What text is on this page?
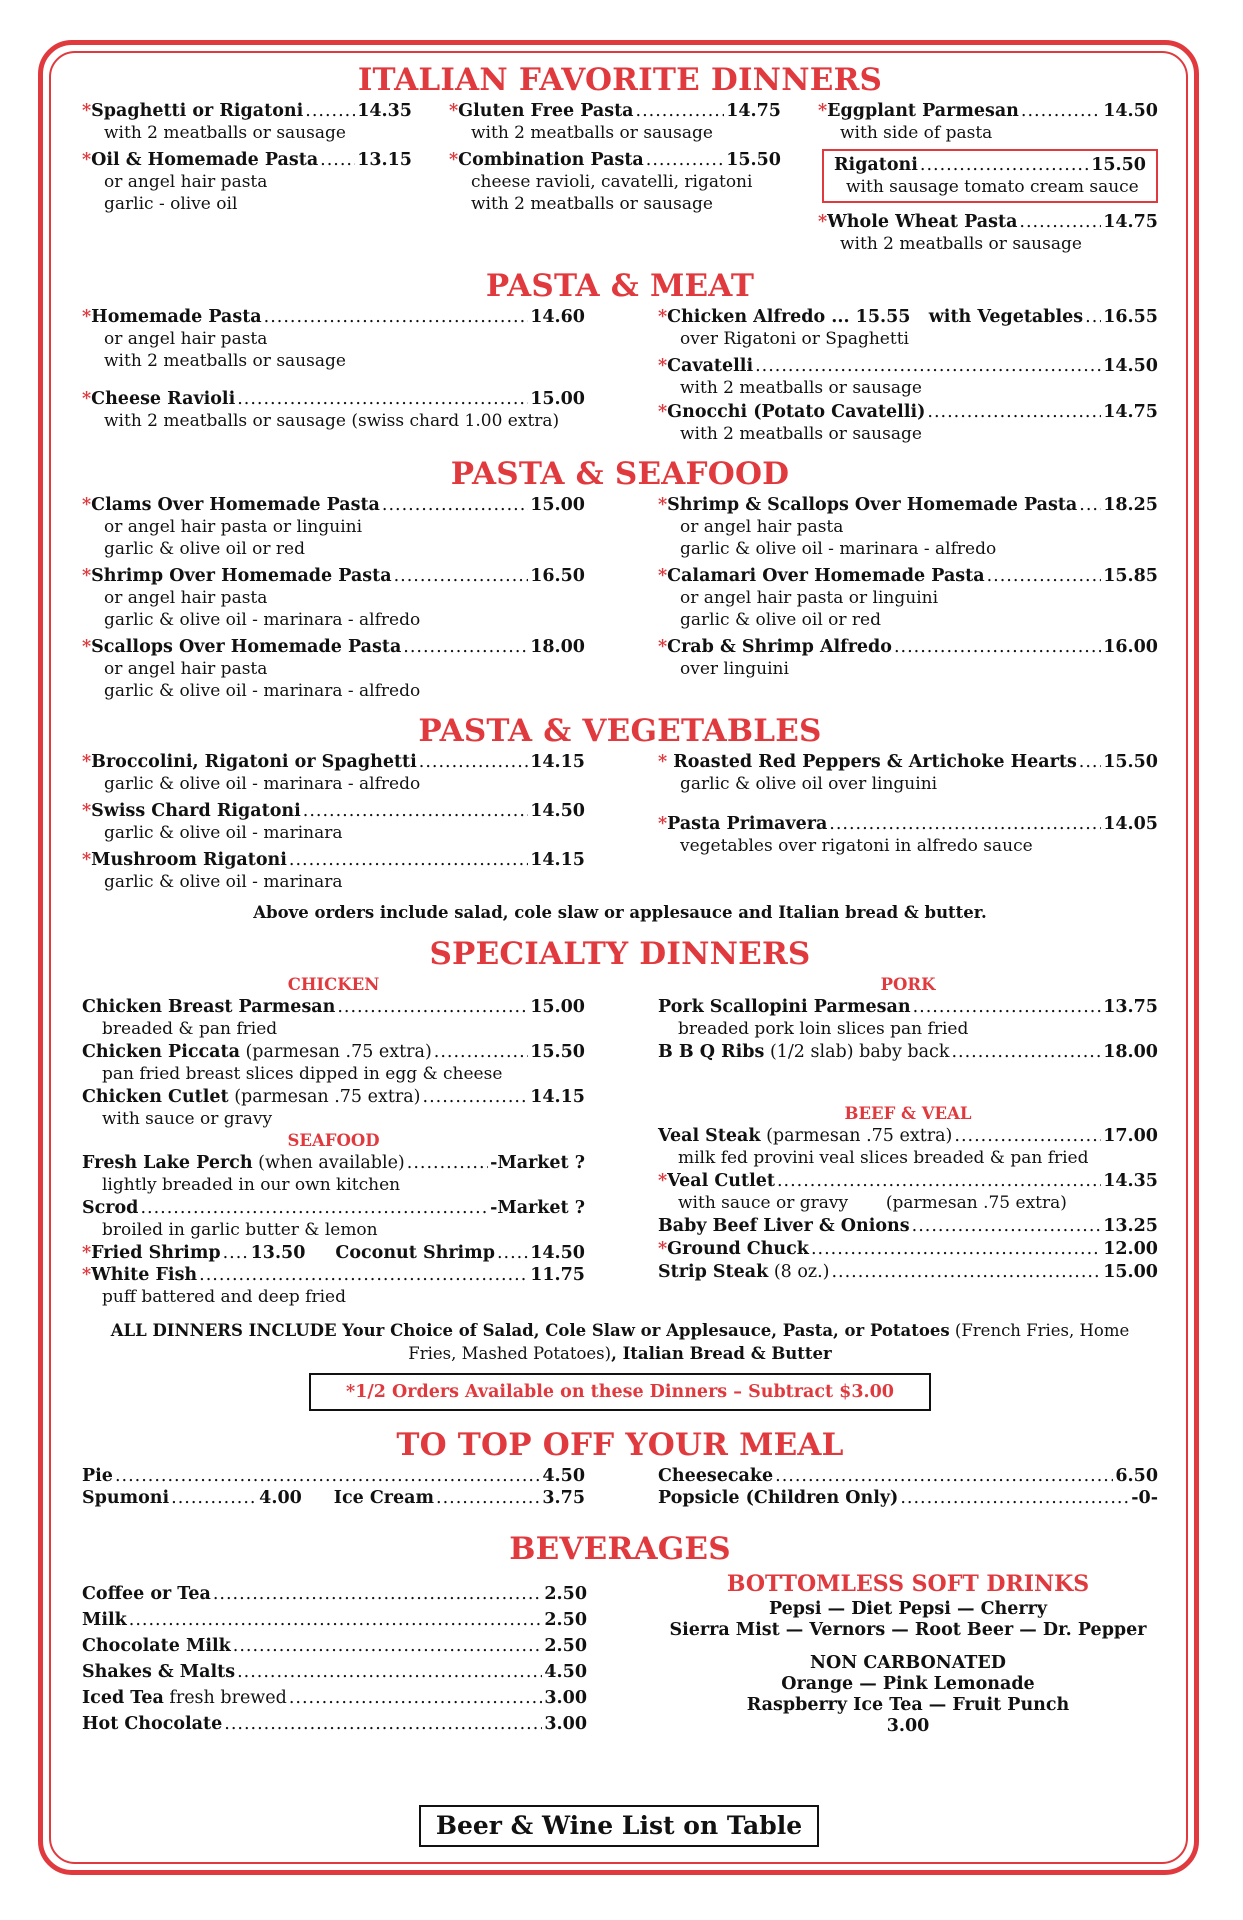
ITALIAN FAVORITE DINNERS
* Spaghetti or Rigatoni .....	14.35
with 2 meatballs or sausage
* Oil & Homemade Pasta ..... 13.15
or angel hair pasta
garlic - olive oil
* Gluten Free Pasta .....	14.75
with 2 meatballs or sausage
* Combination Pasta .....	15.50
cheese ravioli, cavatelli, rigatoni
with 2 meatballs or sausage
* Eggplant Parmesan .....	14.50
with side of pasta
Rigatoni .....	15.50
with sausage tomato cream sauce
* Whole Wheat Pasta .....	14.75
with 2 meatballs or sausage
PASTA & MEAT
* Homemade Pasta .....	14.60
or angel hair pasta
with 2 meatballs or sausage
* Cheese Ravioli .....	15.00
with 2 meatballs or sausage (swiss chard 1.00 extra)
* Chicken Alfredo ... 15.55   with Vegetables ..... 16.55
over Rigatoni or Spaghetti
* Cavatelli .....	14.50
with 2 meatballs or sausage
* Gnocchi (Potato Cavatelli) .....	14.75
with 2 meatballs or sausage
PASTA & SEAFOOD
* Clams Over Homemade Pasta .....	15.00
or angel hair pasta or linguini
garlic & olive oil or red
* Shrimp Over Homemade Pasta .....	16.50
or angel hair pasta
garlic & olive oil - marinara - alfredo
* Scallops Over Homemade Pasta .....	18.00
or angel hair pasta
garlic & olive oil - marinara - alfredo
* Shrimp & Scallops Over Homemade Pasta ..... 18.25
or angel hair pasta
garlic & olive oil - marinara - alfredo
* Calamari Over Homemade Pasta .....	15.85
or angel hair pasta or linguini
garlic & olive oil or red
* Crab & Shrimp Alfredo .....	16.00
over linguini
PASTA & VEGETABLES
* Broccolini, Rigatoni or Spaghetti .....	14.15
garlic & olive oil - marinara - alfredo
* Swiss Chard Rigatoni .....	14.50
garlic & olive oil - marinara
* Mushroom Rigatoni .....	14.15
garlic & olive oil - marinara
* Roasted Red Peppers & Artichoke Hearts ..... 15.50
garlic & olive oil over linguini
* Pasta Primavera .....	14.05
vegetables over rigatoni in alfredo sauce
Above orders include salad, cole slaw or applesauce and Italian bread & butter.
SPECIALTY DINNERS
CHICKEN
Chicken Breast Parmesan .....	15.00
breaded & pan fried
Chicken Piccata (parmesan .75 extra) .....	15.50
pan fried breast slices dipped in egg & cheese
Chicken Cutlet (parmesan .75 extra) .....	14.15
with sauce or gravy
SEAFOOD
Fresh Lake Perch (when available) .....	-Market ?
lightly breaded in our own kitchen
Scrod .....	-Market ?
broiled in garlic butter & lemon
* Fried Shrimp ..... 13.50 Coconut Shrimp ..... 14.50
* White Fish .....	11.75
puff battered and deep fried
PORK
Pork Scallopini Parmesan .....	13.75
breaded pork loin slices pan fried
B B Q Ribs (1/2 slab) baby back .....	18.00
BEEF & VEAL
Veal Steak (parmesan .75 extra) .....	17.00
milk fed provini veal slices breaded & pan fried
* Veal Cutlet .....	14.35
with sauce or gravy       (parmesan .75 extra)
Baby Beef Liver & Onions .....	13.25
* Ground Chuck .....	12.00
Strip Steak (8 oz.) .....	15.00
ALL DINNERS INCLUDE Your Choice of Salad, Cole Slaw or Applesauce, Pasta, or Potatoes (French Fries, Home Fries, Mashed Potatoes), Italian Bread & Butter
*1/2 Orders Available on these Dinners – Subtract $3.00
TO TOP OFF YOUR MEAL
Pie .....	4.50
Spumoni .....	4.00 Ice Cream .....	3.75
Cheesecake .....	6.50
Popsicle (Children Only) .....	-0-
BEVERAGES
Coffee or Tea .....	2.50
Milk .....	2.50
Chocolate Milk .....	2.50
Shakes & Malts .....	4.50
Iced Tea fresh brewed .....	3.00
Hot Chocolate .....	3.00
BOTTOMLESS SOFT DRINKS
Pepsi — Diet Pepsi — Cherry
Sierra Mist — Vernors — Root Beer — Dr. Pepper
NON CARBONATED
Orange — Pink Lemonade
Raspberry Ice Tea — Fruit Punch
3.00
Beer & Wine List on Table
